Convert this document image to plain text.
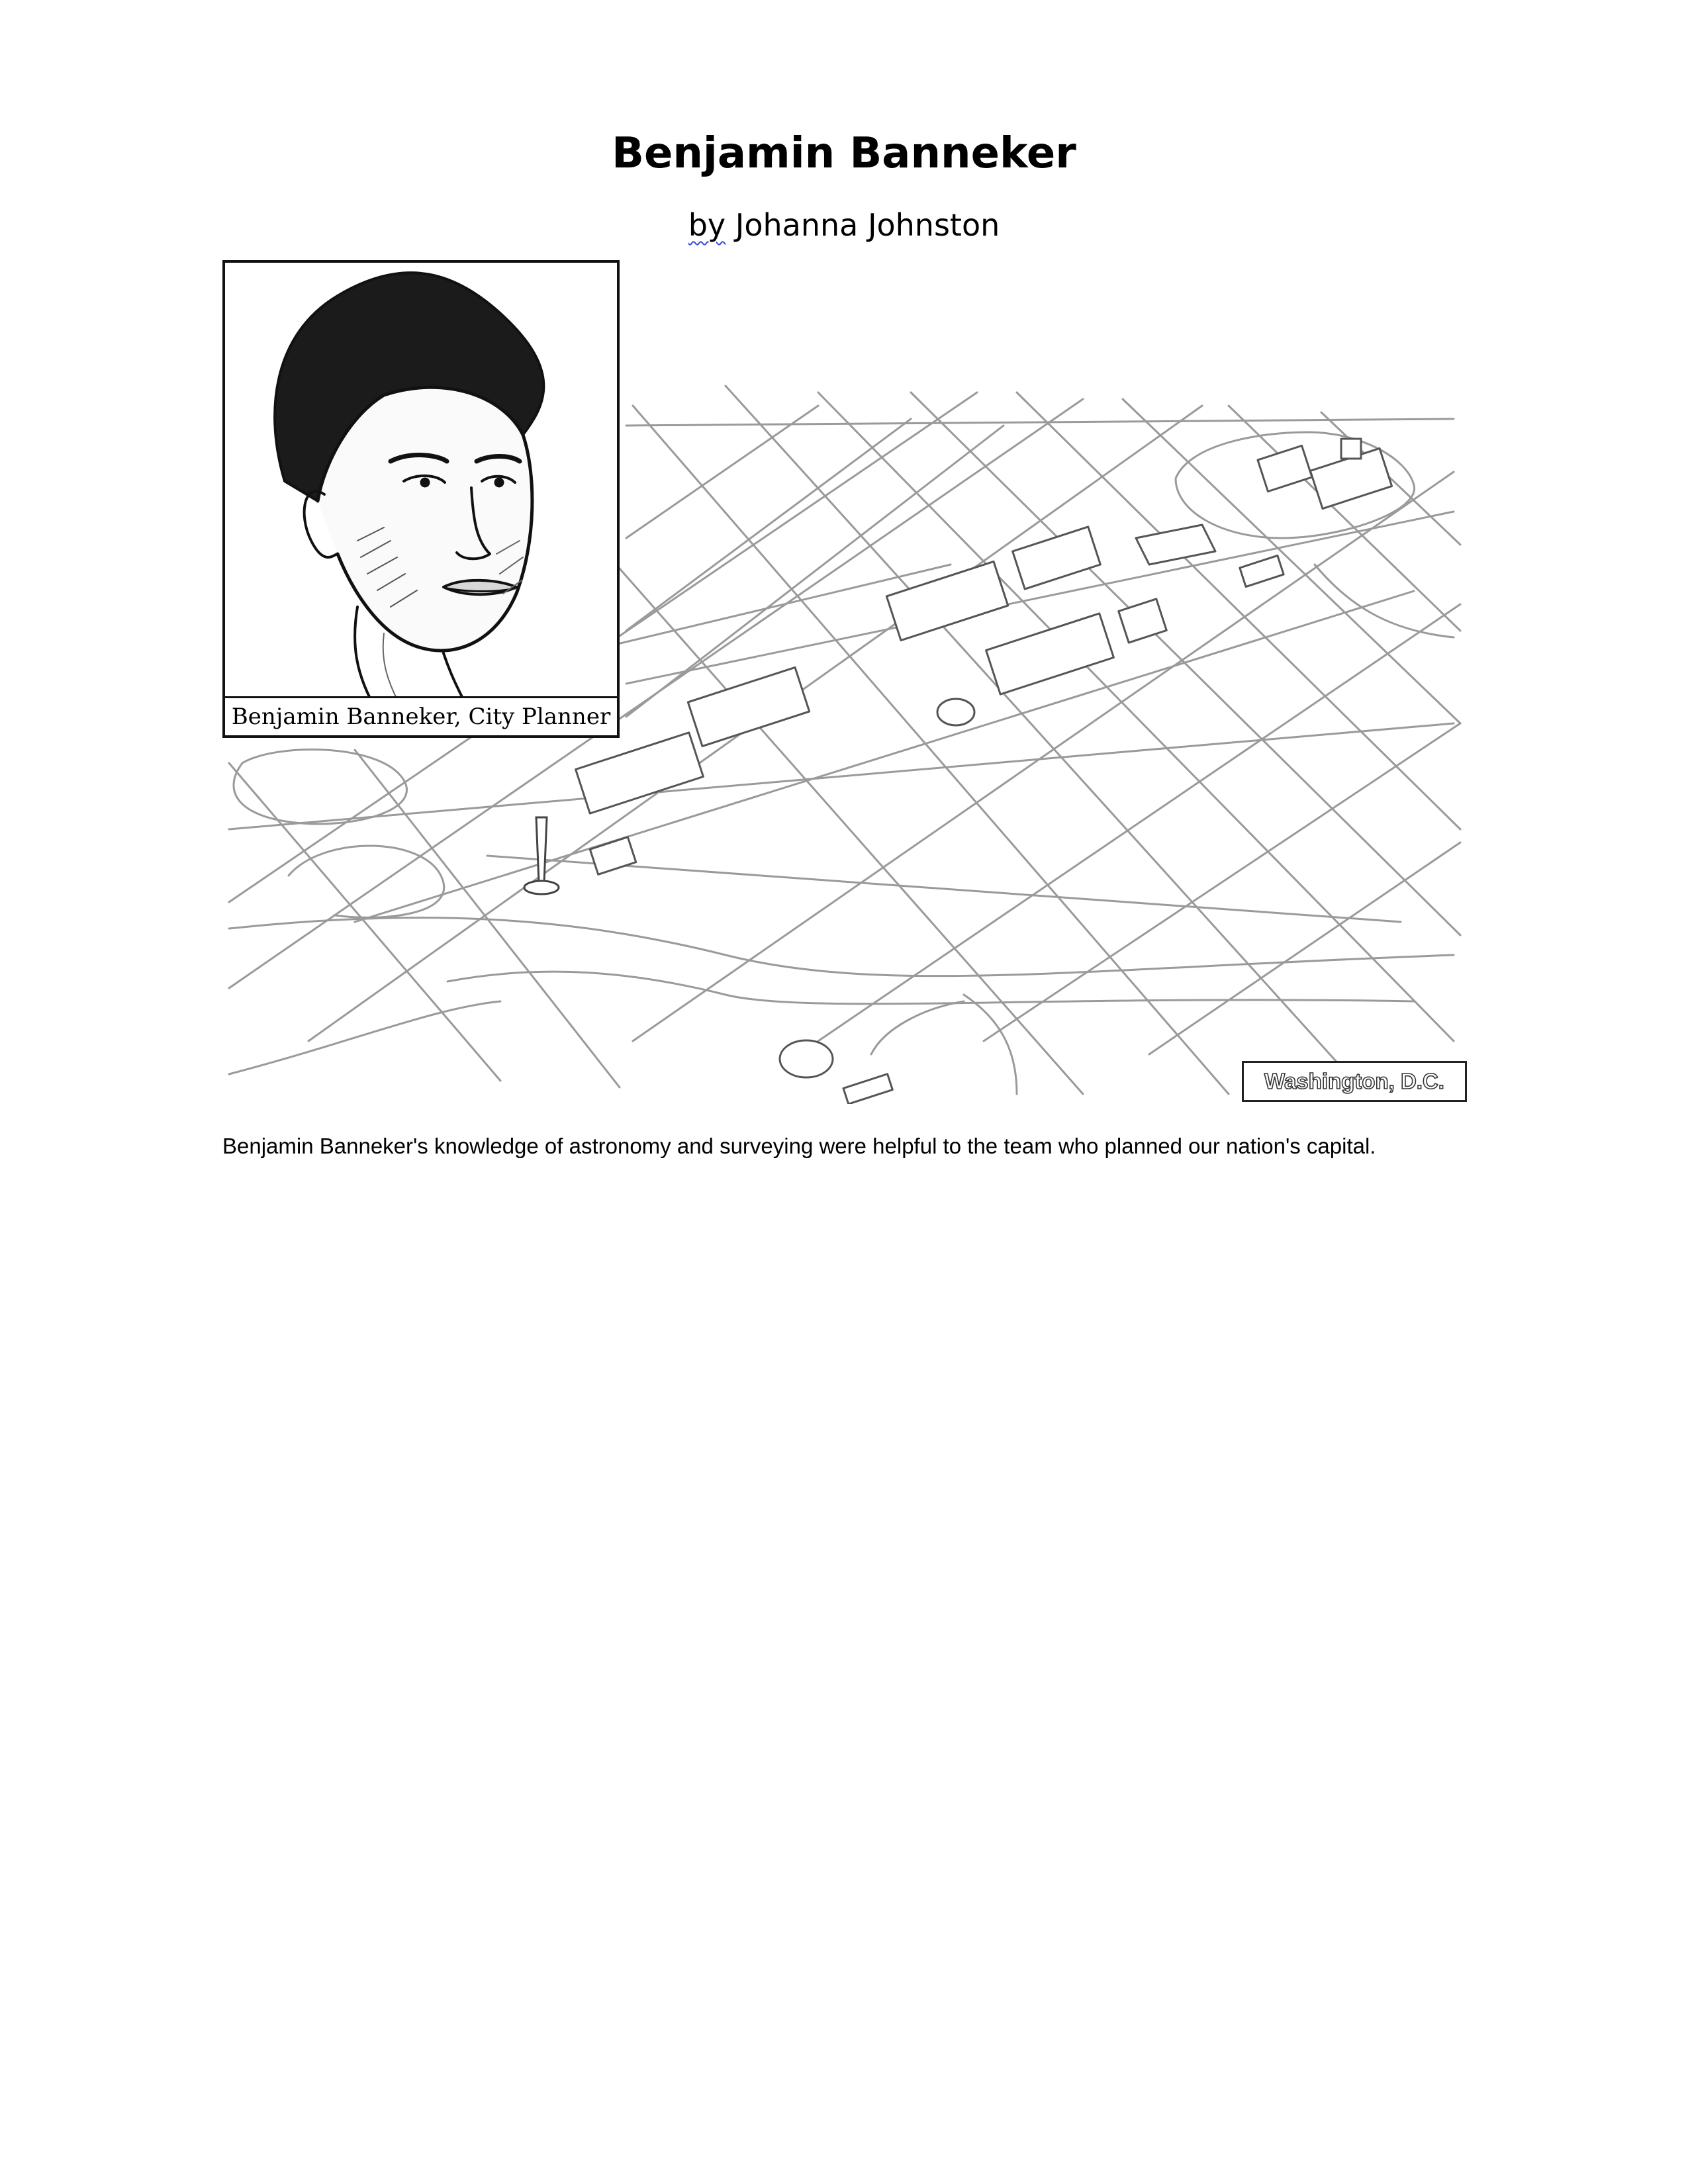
Benjamin Banneker
by Johanna Johnston
Benjamin Banneker, City Planner
Washington, D.C.

Benjamin Banneker's knowledge of astronomy and surveying were helpful to the team who planned our nation's capital.
